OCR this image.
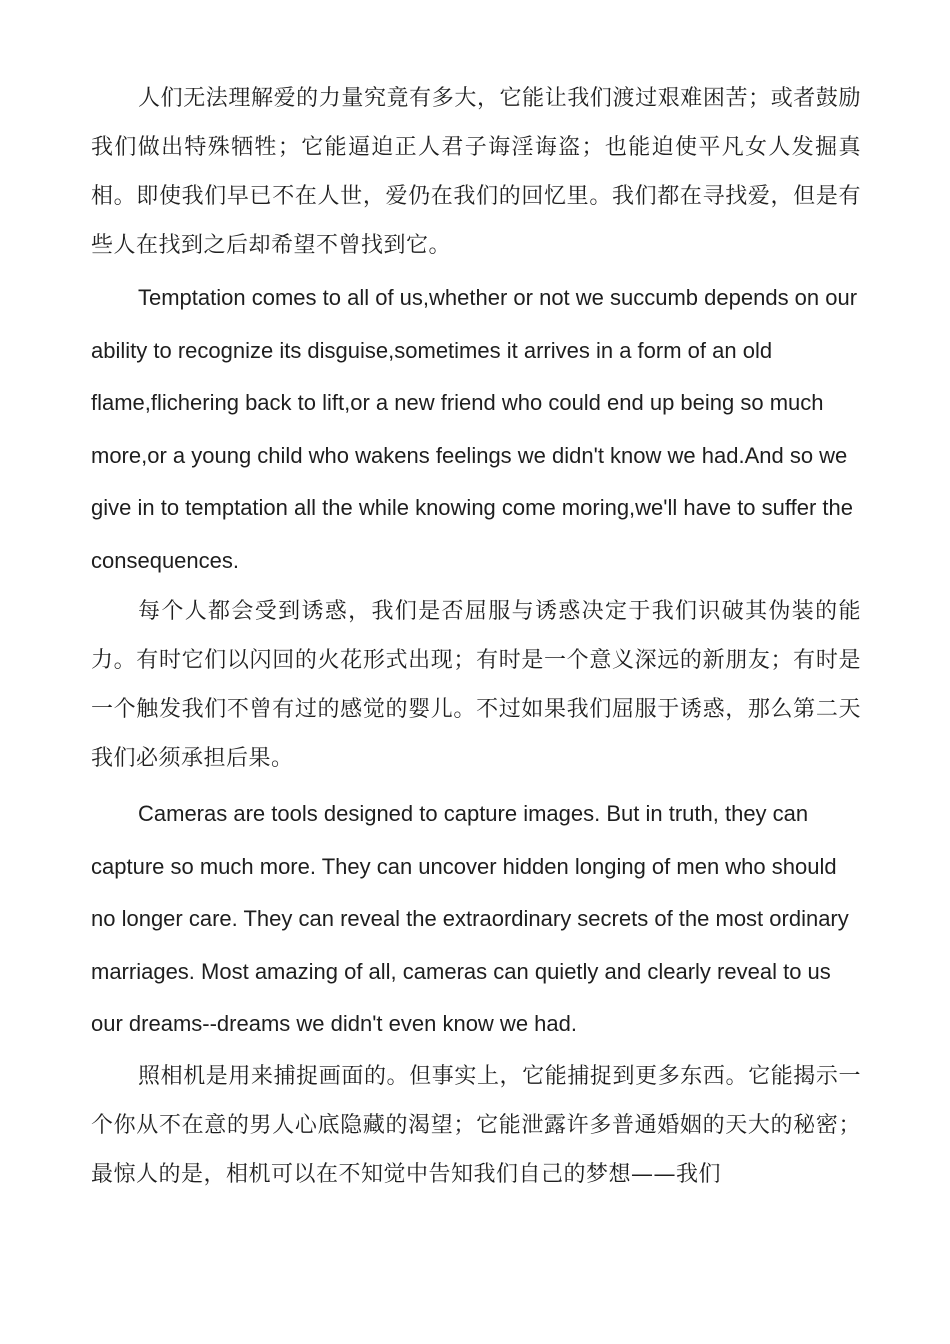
人们无法理解爱的力量究竟有多大，它能让我们渡过艰难困苦；或者鼓励我们做出特殊牺牲；它能逼迫正人君子诲淫诲盗；也能迫使平凡女人发掘真相。即使我们早已不在人世，爱仍在我们的回忆里。我们都在寻找爱，但是有些人在找到之后却希望不曾找到它。

Temptation comes to all of us,whether or not we succumb depends on our ability to recognize its disguise,sometimes it arrives in a form of an old flame,flichering back to lift,or a new friend who could end up being so much more,or a young child who wakens feelings we didn't know we had.And so we give in to temptation all the while knowing come moring,we'll have to suffer the consequences.

每个人都会受到诱惑，我们是否屈服与诱惑决定于我们识破其伪装的能力。有时它们以闪回的火花形式出现；有时是一个意义深远的新朋友；有时是一个触发我们不曾有过的感觉的婴儿。不过如果我们屈服于诱惑，那么第二天我们必须承担后果。

Cameras are tools designed to capture images. But in truth, they can capture so much more. They can uncover hidden longing of men who should no longer care. They can reveal the extraordinary secrets of the most ordinary marriages. Most amazing of all, cameras can quietly and clearly reveal to us our dreams--dreams we didn't even know we had.

照相机是用来捕捉画面的。但事实上，它能捕捉到更多东西。它能揭示一个你从不在意的男人心底隐藏的渴望；它能泄露许多普通婚姻的天大的秘密；最惊人的是，相机可以在不知觉中告知我们自己的梦想——我们
